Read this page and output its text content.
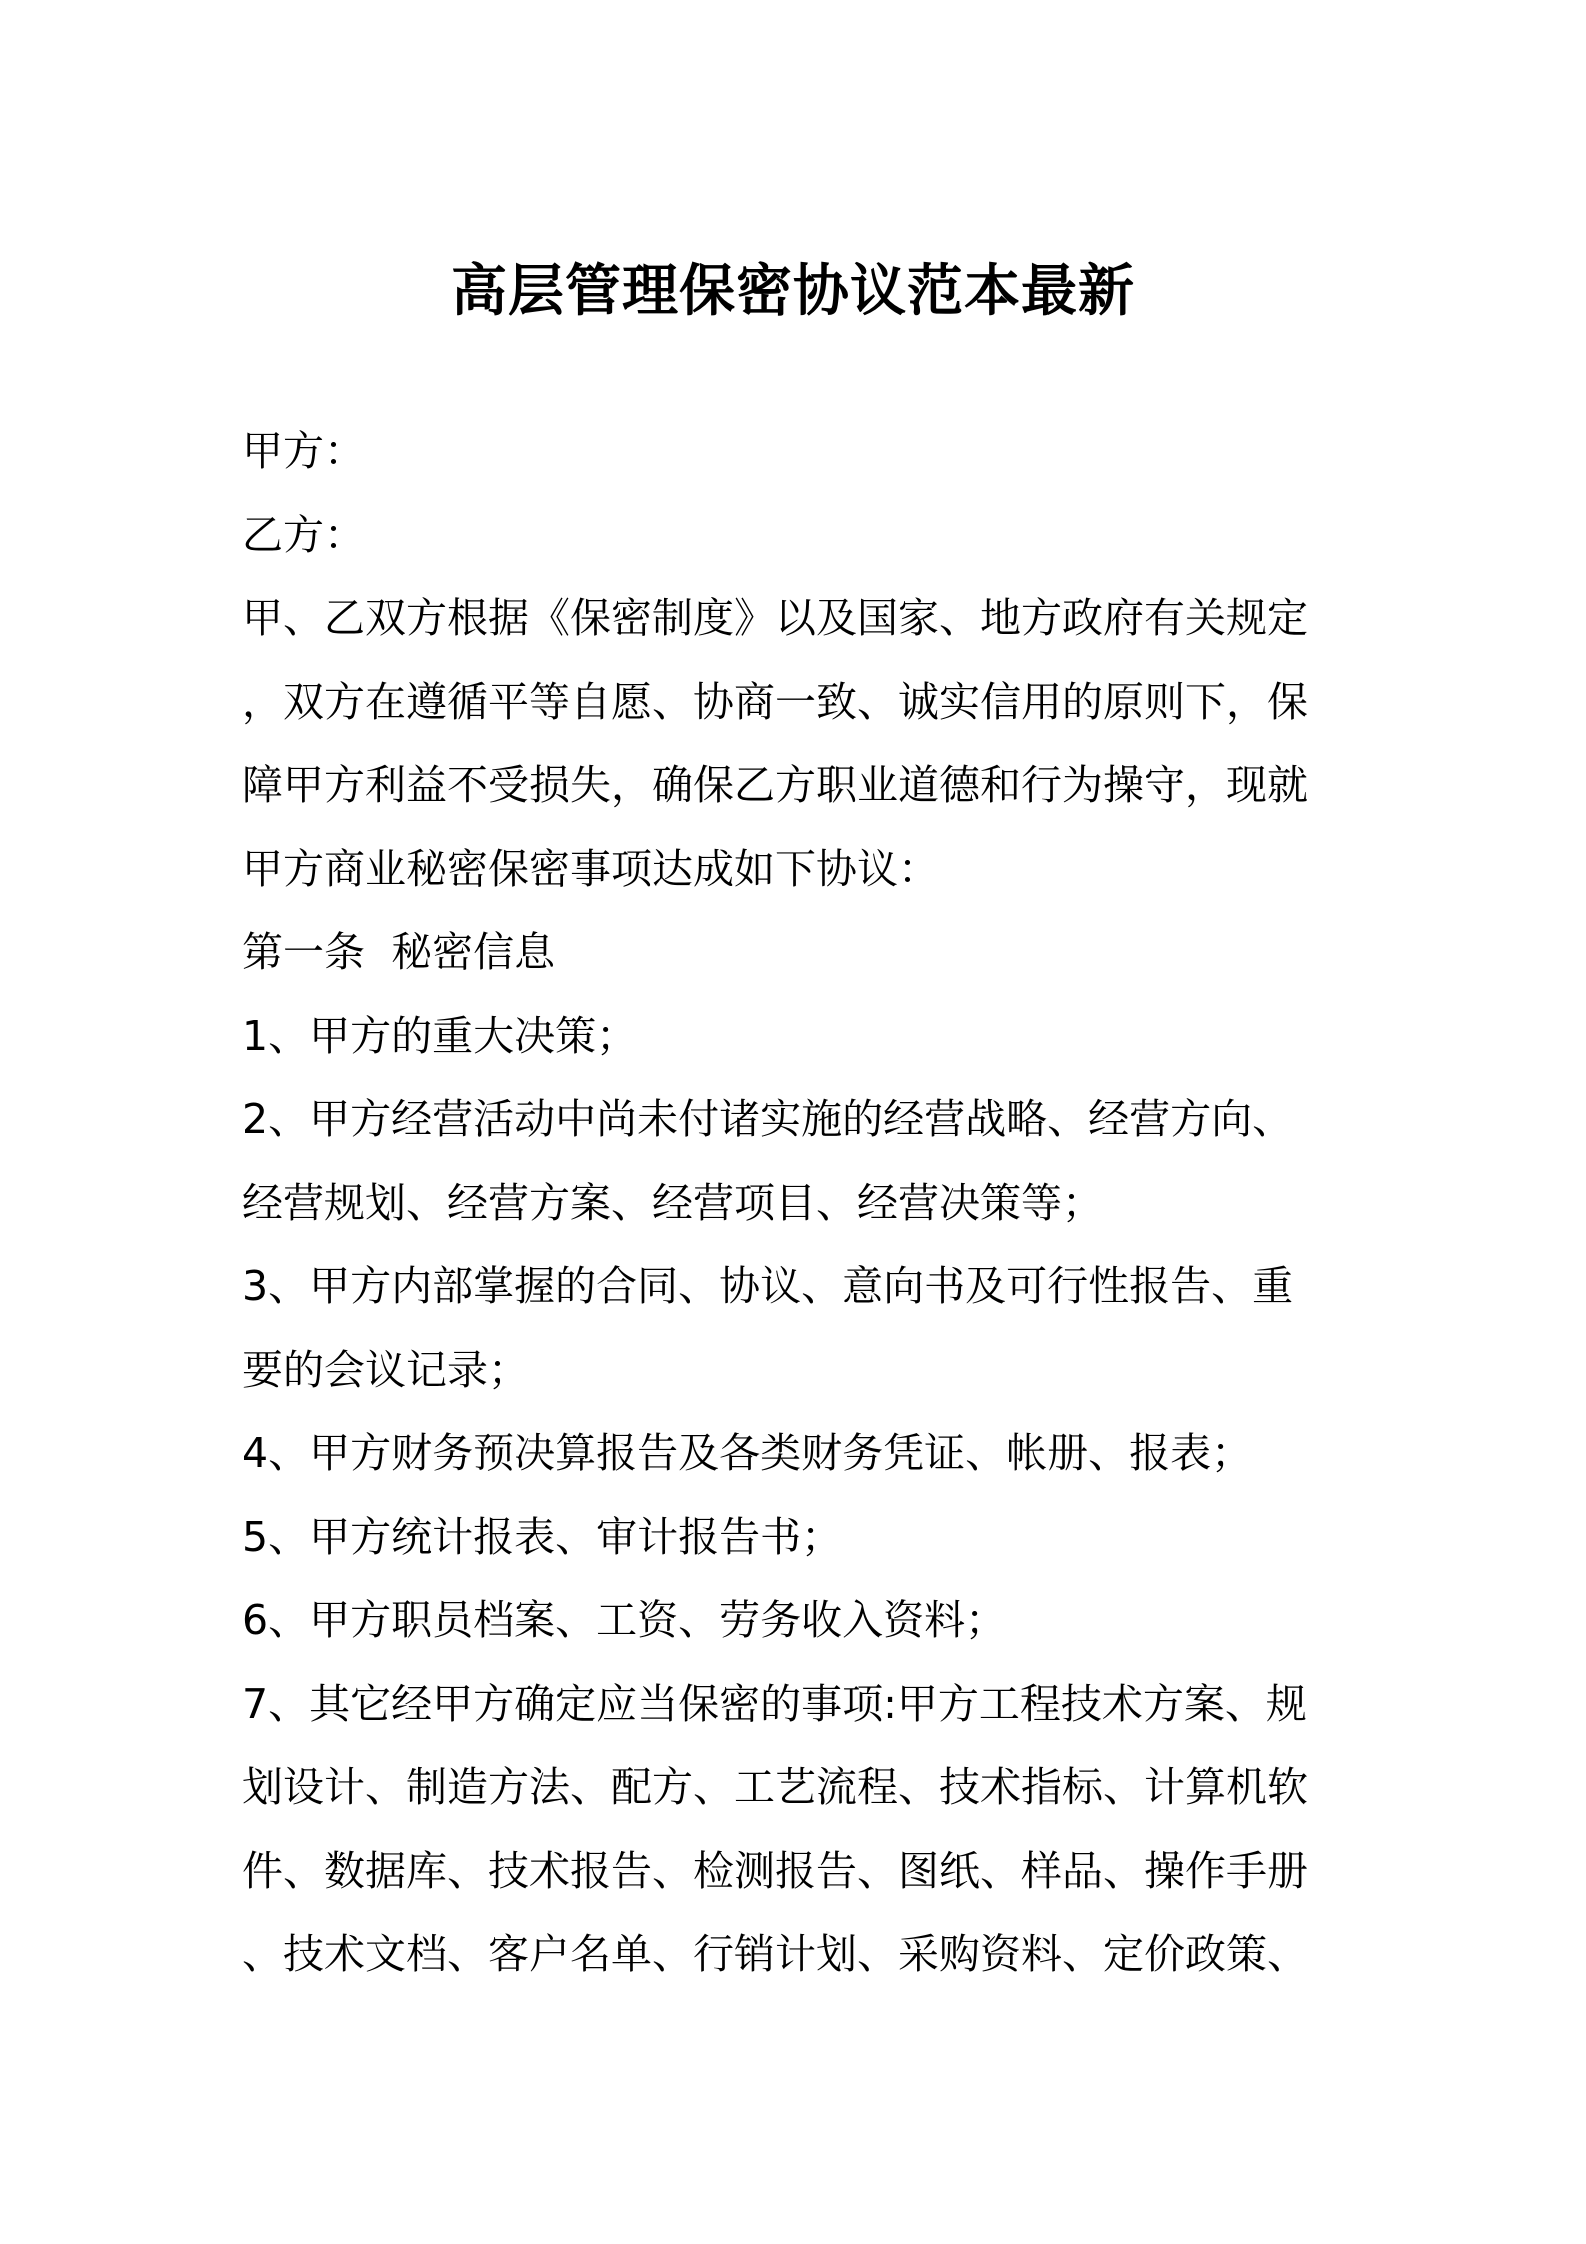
高层管理保密协议范本最新
甲方：
乙方：
甲、乙双方根据《保密制度》以及国家、地方政府有关规定
，双方在遵循平等自愿、协商一致、诚实信用的原则下，保
障甲方利益不受损失，确保乙方职业道德和行为操守，现就
甲方商业秘密保密事项达成如下协议：
第一条  秘密信息
1、甲方的重大决策；
2、甲方经营活动中尚未付诸实施的经营战略、经营方向、
经营规划、经营方案、经营项目、经营决策等；
3、甲方内部掌握的合同、协议、意向书及可行性报告、重
要的会议记录；
4、甲方财务预决算报告及各类财务凭证、帐册、报表；
5、甲方统计报表、审计报告书；
6、甲方职员档案、工资、劳务收入资料；
7、其它经甲方确定应当保密的事项:甲方工程技术方案、规
划设计、制造方法、配方、工艺流程、技术指标、计算机软
件、数据库、技术报告、检测报告、图纸、样品、操作手册
、技术文档、客户名单、行销计划、采购资料、定价政策、
